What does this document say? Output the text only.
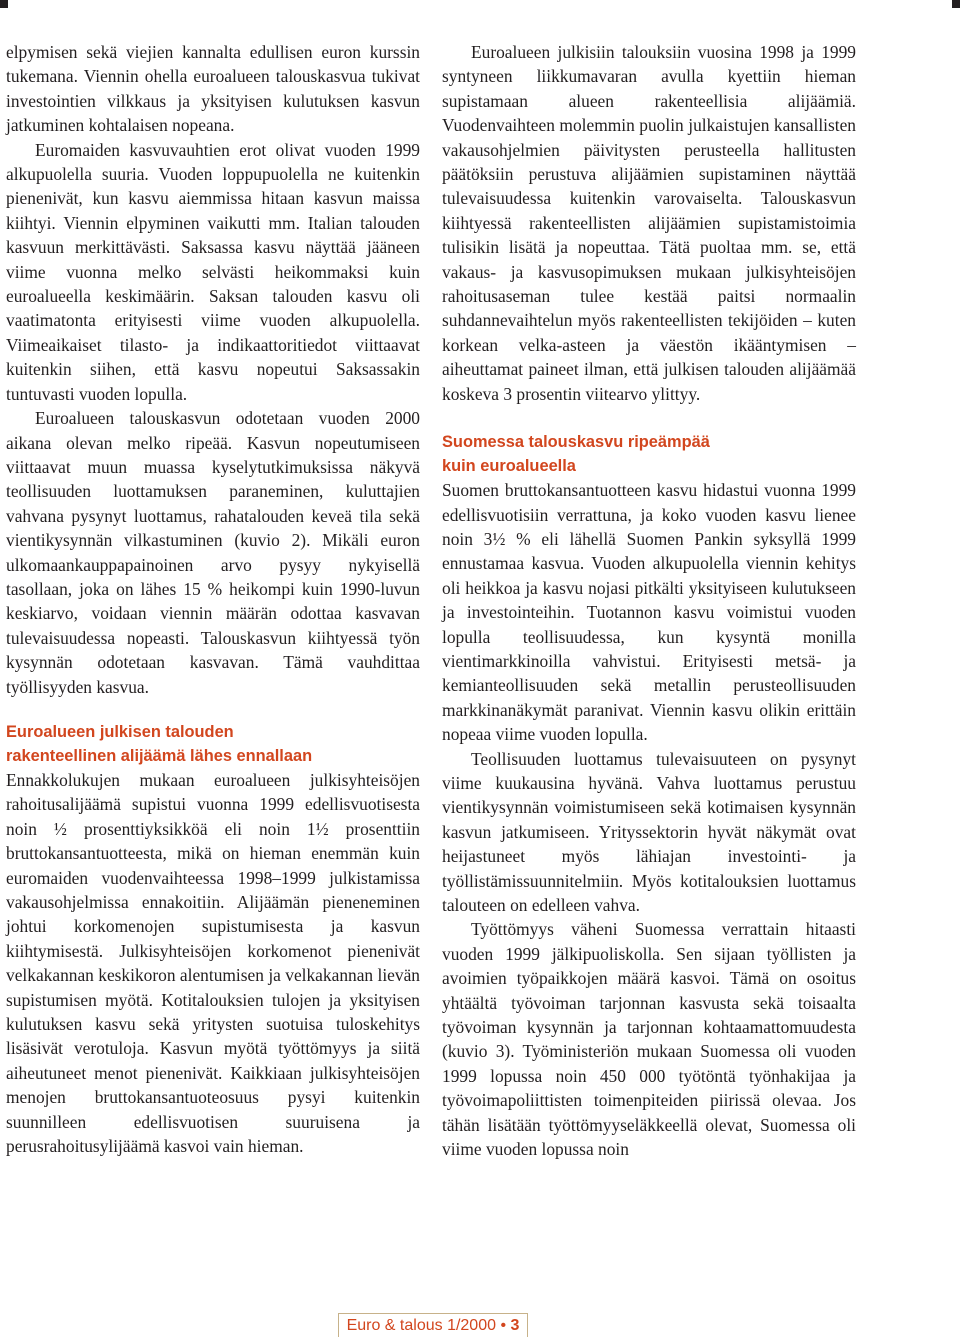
elpymisen sekä viejien kannalta edullisen euron kurssin tukemana. Viennin ohella euroalueen talouskasvua tukivat investointien vilkkaus ja yksityisen kulutuksen kasvun jatkuminen kohtalaisen nopeana.

Euromaiden kasvuvauhtien erot olivat vuoden 1999 alkupuolella suuria. Vuoden loppupuolella ne kuitenkin pienenivät, kun kasvu aiemmissa hitaan kasvun maissa kiihtyi. Viennin elpyminen vaikutti mm. Italian talouden kasvuun merkittävästi. Saksassa kasvu näyttää jääneen viime vuonna melko selvästi heikommaksi kuin euroalueella keskimäärin. Saksan talouden kasvu oli vaatimatonta erityisesti viime vuoden alkupuolella. Viimeaikaiset tilasto- ja indikaattoritiedot viittaavat kuitenkin siihen, että kasvu nopeutui Saksassakin tuntuvasti vuoden lopulla.

Euroalueen talouskasvun odotetaan vuoden 2000 aikana olevan melko ripeää. Kasvun nopeutumiseen viittaavat muun muassa kyselytutkimuksissa näkyvä teollisuuden luottamuksen paraneminen, kuluttajien vahvana pysynyt luottamus, rahatalouden keveä tila sekä vientikysynnän vilkastuminen (kuvio 2). Mikäli euron ulkomaankauppapainoinen arvo pysyy nykyisellä tasollaan, joka on lähes 15 % heikompi kuin 1990-luvun keskiarvo, voidaan viennin määrän odottaa kasvavan tulevaisuudessa nopeasti. Talouskasvun kiihtyessä työn kysynnän odotetaan kasvavan. Tämä vauhdittaa työllisyyden kasvua.

Euroalueen julkisen talouden
rakenteellinen alijäämä lähes ennallaan

Ennakkolukujen mukaan euroalueen julkisyhteisöjen rahoitusalijäämä supistui vuonna 1999 edellisvuotisesta noin ½ prosenttiyksikköä eli noin 1½ prosenttiin bruttokansantuotteesta, mikä on hieman enemmän kuin euromaiden vuodenvaihteessa 1998–1999 julkistamissa vakausohjelmissa ennakoitiin. Alijäämän pieneneminen johtui korkomenojen supistumisesta ja kasvun kiihtymisestä. Julkisyhteisöjen korkomenot pienenivät velkakannan keskikoron alentumisen ja velkakannan lievän supistumisen myötä. Kotitalouksien tulojen ja yksityisen kulutuksen kasvu sekä yritysten suotuisa tuloskehitys lisäsivät verotuloja. Kasvun myötä työttömyys ja siitä aiheutuneet menot pienenivät. Kaikkiaan julkisyhteisöjen menojen bruttokansantuoteosuus pysyi kuitenkin suunnilleen edellisvuotisen suuruisena ja perusrahoitusylijäämä kasvoi vain hieman.

Euroalueen julkisiin talouksiin vuosina 1998 ja 1999 syntyneen liikkumavaran avulla kyettiin hieman supistamaan alueen rakenteellisia alijäämiä. Vuodenvaihteen molemmin puolin julkaistujen kansallisten vakausohjelmien päivitysten perusteella hallitusten päätöksiin perustuva alijäämien supistaminen näyttää tulevaisuudessa kuitenkin varovaiselta. Talouskasvun kiihtyessä rakenteellisten alijäämien supistamistoimia tulisikin lisätä ja nopeuttaa. Tätä puoltaa mm. se, että vakaus- ja kasvusopimuksen mukaan julkisyhteisöjen rahoitusaseman tulee kestää paitsi normaalin suhdannevaihtelun myös rakenteellisten tekijöiden – kuten korkean velka-asteen ja väestön ikääntymisen – aiheuttamat paineet ilman, että julkisen talouden alijäämää koskeva 3 prosentin viitearvo ylittyy.

Suomessa talouskasvu ripeämpää
kuin euroalueella

Suomen bruttokansantuotteen kasvu hidastui vuonna 1999 edellisvuotisiin verrattuna, ja koko vuoden kasvu lienee noin 3½ % eli lähellä Suomen Pankin syksyllä 1999 ennustamaa kasvua. Vuoden alkupuolella viennin kehitys oli heikkoa ja kasvu nojasi pitkälti yksityiseen kulutukseen ja investointeihin. Tuotannon kasvu voimistui vuoden lopulla teollisuudessa, kun kysyntä monilla vientimarkkinoilla vahvistui. Erityisesti metsä- ja kemianteollisuuden sekä metallin perusteollisuuden markkinanäkymät paranivat. Viennin kasvu olikin erittäin nopeaa viime vuoden lopulla.

Teollisuuden luottamus tulevaisuuteen on pysynyt viime kuukausina hyvänä. Vahva luottamus perustuu vientikysynnän voimistumiseen sekä kotimaisen kysynnän kasvun jatkumiseen. Yrityssektorin hyvät näkymät ovat heijastuneet myös lähiajan investointi- ja työllistämissuunnitelmiin. Myös kotitalouksien luottamus talouteen on edelleen vahva.

Työttömyys väheni Suomessa verrattain hitaasti vuoden 1999 jälkipuoliskolla. Sen sijaan työllisten ja avoimien työpaikkojen määrä kasvoi. Tämä on osoitus yhtäältä työvoiman tarjonnan kasvusta sekä toisaalta työvoiman kysynnän ja tarjonnan kohtaamattomuudesta (kuvio 3). Työministeriön mukaan Suomessa oli vuoden 1999 lopussa noin 450 000 työtöntä työnhakijaa ja työvoimapoliittisten toimenpiteiden piirissä olevaa. Jos tähän lisätään työttömyyseläkkeellä olevat, Suomessa oli viime vuoden lopussa noin

Euro & talous 1/2000 • 3
